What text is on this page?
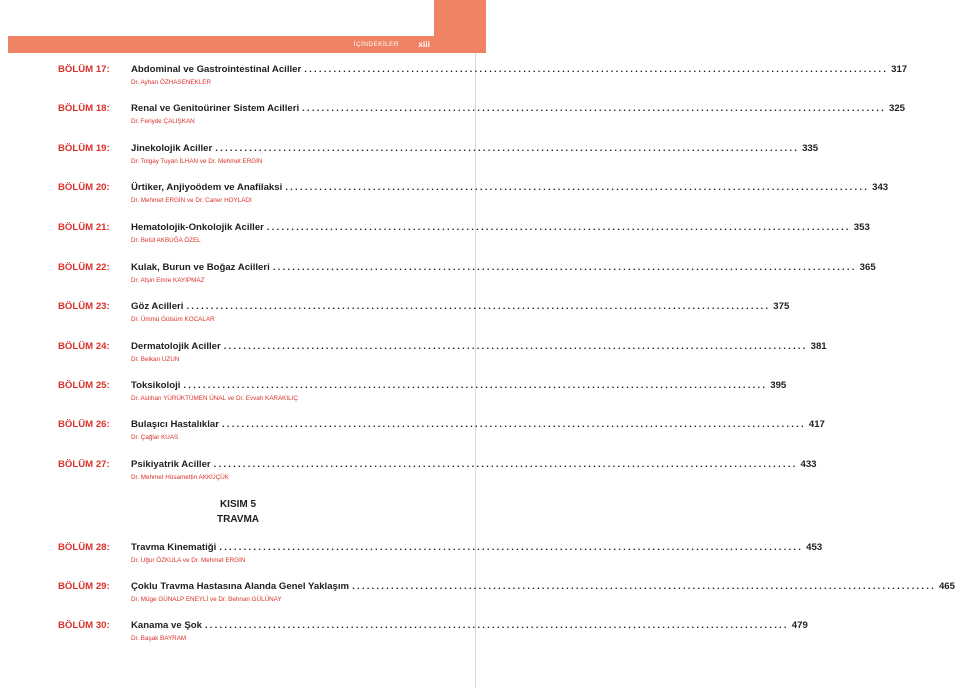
İÇİNDEKİLER xiii
BÖLÜM 17: Abdominal ve Gastrointestinal Aciller ........................................................................................................................ 317
Dr. Ayhan ÖZHASENEKLER
BÖLÜM 18: Renal ve Genitoüriner Sistem Acilleri ........................................................................................................................ 325
Dr. Feriyde ÇALIŞKAN
BÖLÜM 19: Jinekolojik Aciller ........................................................................................................................ 335
Dr. Tolgay Tuyan İLHAN ve Dr. Mehmet ERGİN
BÖLÜM 20: Ürtiker, Anjiyoödem ve Anafilaksi ........................................................................................................................ 343
Dr. Mehmet ERGİN ve Dr. Caner HOYLADI
BÖLÜM 21: Hematolojik-Onkolojik Aciller ........................................................................................................................ 353
Dr. Betül AKBUĞA ÖZEL
BÖLÜM 22: Kulak, Burun ve Boğaz Acilleri ........................................................................................................................ 365
Dr. Afşin Emre KAYIPMAZ
BÖLÜM 23: Göz Acilleri ........................................................................................................................ 375
Dr. Ümmü Gülsüm KOCALAR
BÖLÜM 24: Dermatolojik Aciller ........................................................................................................................ 381
Dr. Belkan UZUN
BÖLÜM 25: Toksikoloji ........................................................................................................................ 395
Dr. Aslıhan YÜRÜKTÜMEN ÜNAL ve Dr. Evvah KARAKILIÇ
BÖLÜM 26: Bulaşıcı Hastalıklar ........................................................................................................................ 417
Dr. Çağlar KUAS
BÖLÜM 27: Psikiyatrik Aciller ........................................................................................................................ 433
Dr. Mehmet Hüsamettin AKKÜÇÜK
KISIM 5
TRAVMA
BÖLÜM 28: Travma Kinematiği ........................................................................................................................ 453
Dr. Uğur ÖZKULA ve Dr. Mehmet ERGİN
BÖLÜM 29: Çoklu Travma Hastasına Alanda Genel Yaklaşım ........................................................................................................................ 465
Dr. Müge GÜNALP ENEYLİ ve Dr. Behnan GÜLÜNAY
BÖLÜM 30: Kanama ve Şok ........................................................................................................................ 479
Dr. Başak BAYRAM
